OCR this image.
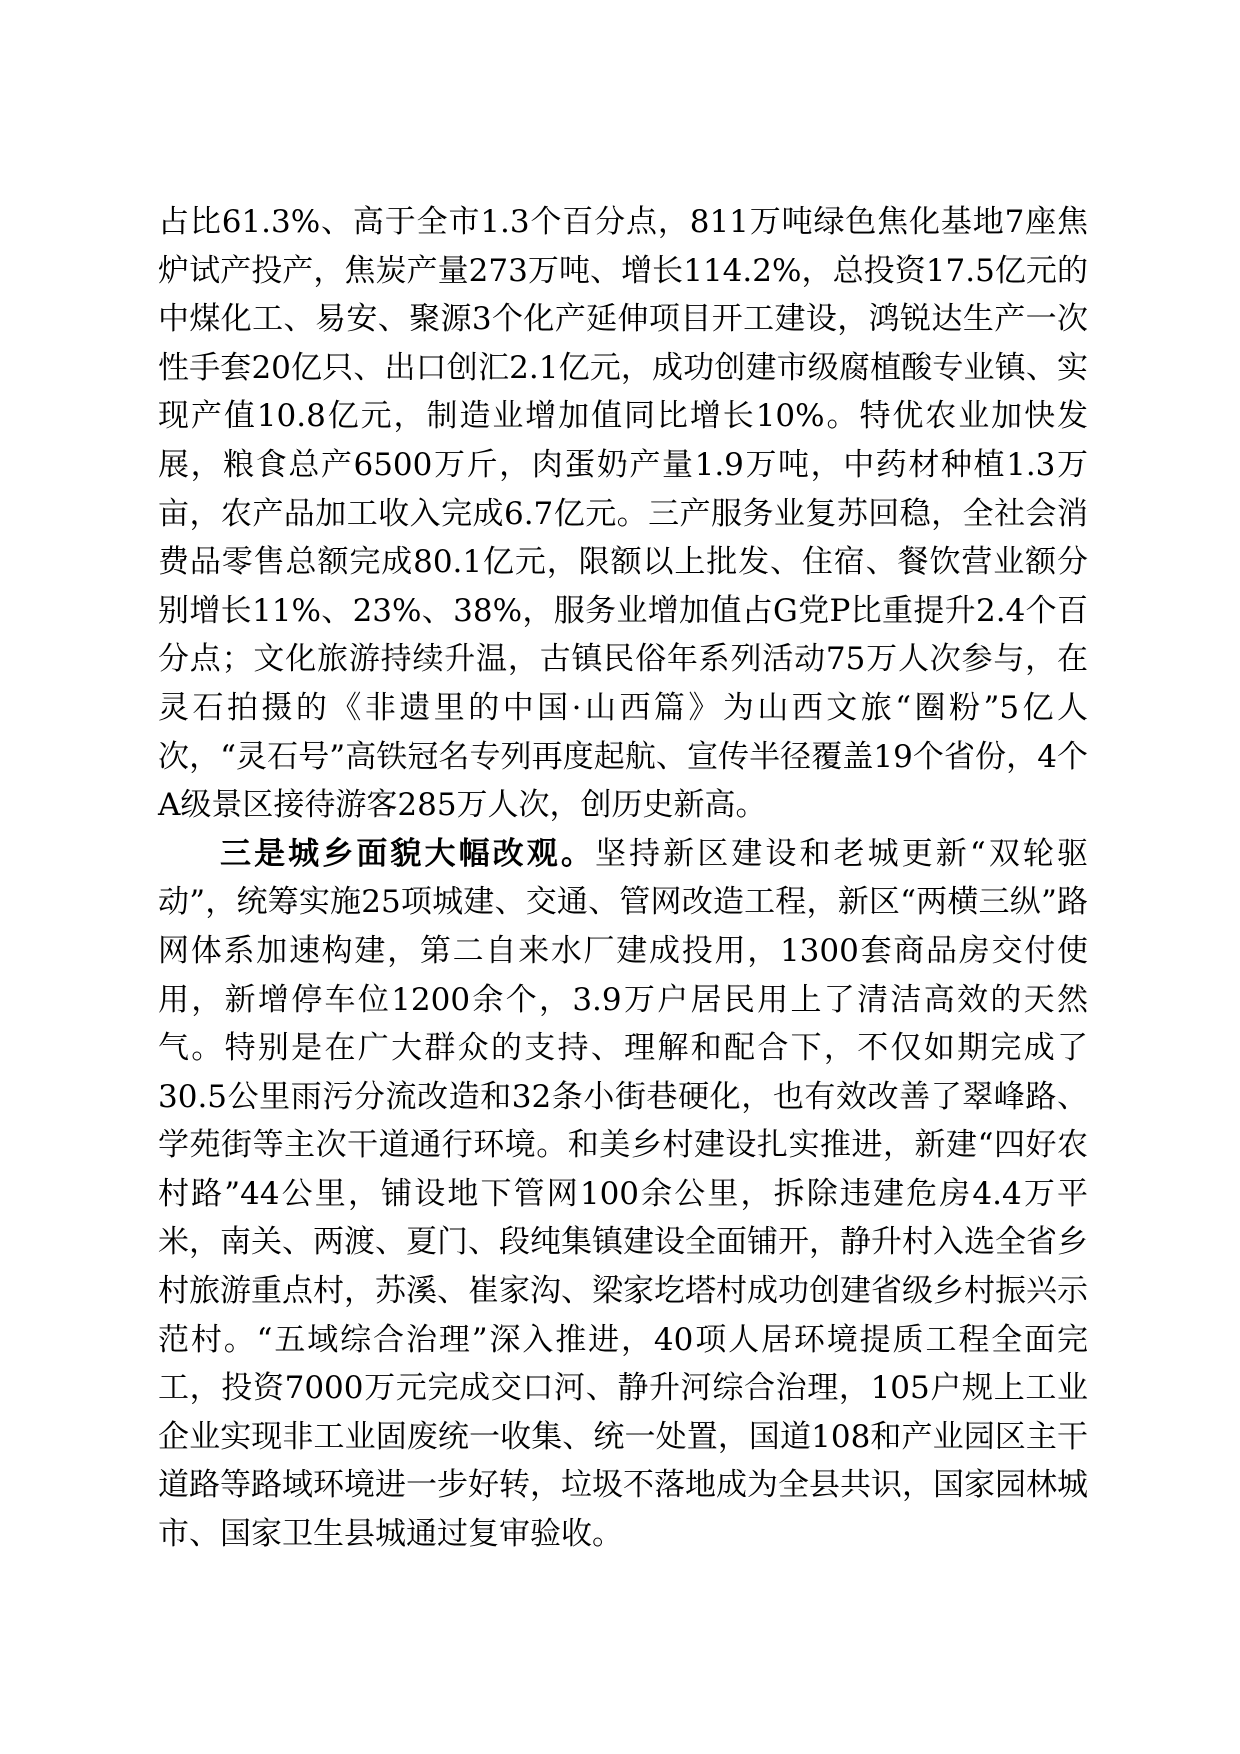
占比61.3%、高于全市1.3个百分点，811万吨绿色焦化基地7座焦炉试产投产，焦炭产量273万吨、增长114.2%，总投资17.5亿元的中煤化工、易安、聚源3个化产延伸项目开工建设，鸿锐达生产一次性手套20亿只、出口创汇2.1亿元，成功创建市级腐植酸专业镇、实现产值10.8亿元，制造业增加值同比增长10%。特优农业加快发展，粮食总产6500万斤，肉蛋奶产量1.9万吨，中药材种植1.3万亩，农产品加工收入完成6.7亿元。三产服务业复苏回稳，全社会消费品零售总额完成80.1亿元，限额以上批发、住宿、餐饮营业额分别增长11%、23%、38%，服务业增加值占G党P比重提升2.4个百分点；文化旅游持续升温，古镇民俗年系列活动75万人次参与，在灵石拍摄的《非遗里的中国·山西篇》为山西文旅“圈粉”5亿人次，“灵石号”高铁冠名专列再度起航、宣传半径覆盖19个省份，4个A级景区接待游客285万人次，创历史新高。

三是城乡面貌大幅改观。坚持新区建设和老城更新“双轮驱动”，统筹实施25项城建、交通、管网改造工程，新区“两横三纵”路网体系加速构建，第二自来水厂建成投用，1300套商品房交付使用，新增停车位1200余个，3.9万户居民用上了清洁高效的天然气。特别是在广大群众的支持、理解和配合下，不仅如期完成了30.5公里雨污分流改造和32条小街巷硬化，也有效改善了翠峰路、学苑街等主次干道通行环境。和美乡村建设扎实推进，新建“四好农村路”44公里，铺设地下管网100余公里，拆除违建危房4.4万平米，南关、两渡、夏门、段纯集镇建设全面铺开，静升村入选全省乡村旅游重点村，苏溪、崔家沟、梁家圪塔村成功创建省级乡村振兴示范村。“五域综合治理”深入推进，40项人居环境提质工程全面完工，投资7000万元完成交口河、静升河综合治理，105户规上工业企业实现非工业固废统一收集、统一处置，国道108和产业园区主干道路等路域环境进一步好转，垃圾不落地成为全县共识，国家园林城市、国家卫生县城通过复审验收。
